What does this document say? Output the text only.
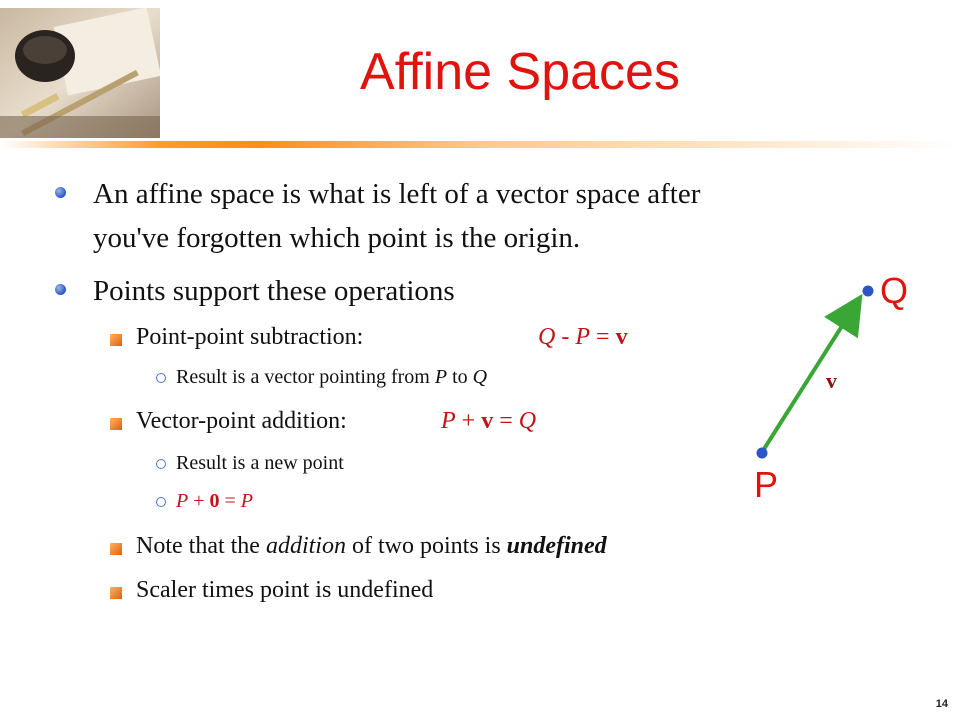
Affine Spaces
An affine space is what is left of a vector space after
you've forgotten which point is the origin.
Points support these operations
Point-point subtraction:	Q - P = v
Result is a vector pointing from P to Q
Vector-point addition:	P + v = Q
Result is a new point
P + 0 = P
Note that the addition of two points is undefined
Scaler times point is undefined
Q
P
v
14
